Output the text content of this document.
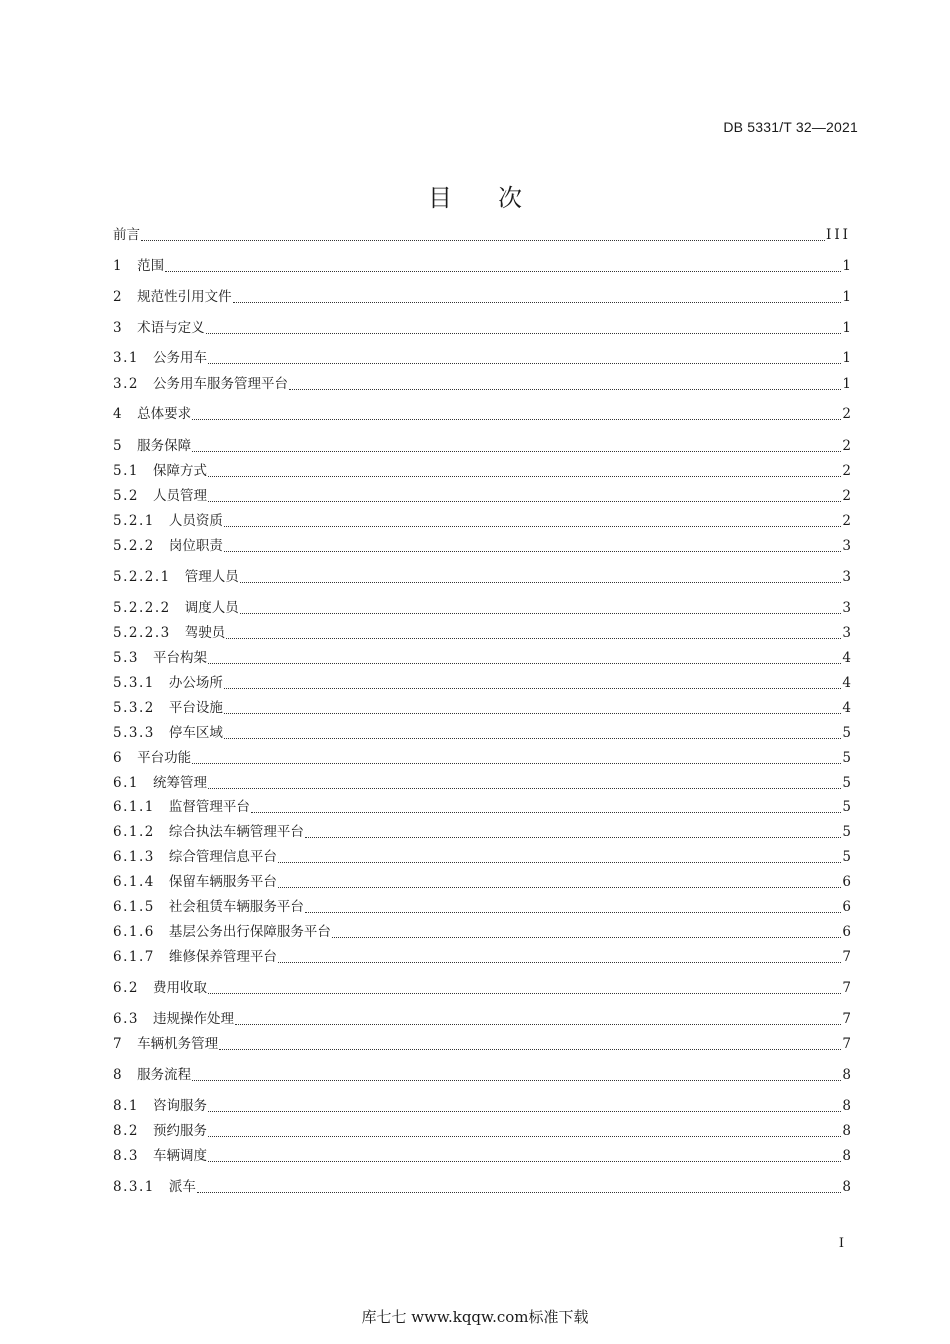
DB 5331/T 32—2021
目次
前言	III
1 范围	1
2 规范性引用文件	1
3 术语与定义	1
3.1 公务用车	1
3.2 公务用车服务管理平台	1
4 总体要求	2
5 服务保障	2
5.1 保障方式	2
5.2 人员管理	2
5.2.1 人员资质	2
5.2.2 岗位职责	3
5.2.2.1 管理人员	3
5.2.2.2 调度人员	3
5.2.2.3 驾驶员	3
5.3 平台构架	4
5.3.1 办公场所	4
5.3.2 平台设施	4
5.3.3 停车区域	5
6 平台功能	5
6.1 统筹管理	5
6.1.1 监督管理平台	5
6.1.2 综合执法车辆管理平台	5
6.1.3 综合管理信息平台	5
6.1.4 保留车辆服务平台	6
6.1.5 社会租赁车辆服务平台	6
6.1.6 基层公务出行保障服务平台	6
6.1.7 维修保养管理平台	7
6.2 费用收取	7
6.3 违规操作处理	7
7 车辆机务管理	7
8 服务流程	8
8.1 咨询服务	8
8.2 预约服务	8
8.3 车辆调度	8
8.3.1 派车	8
I
库七七 www.kqqw.com标准下载
